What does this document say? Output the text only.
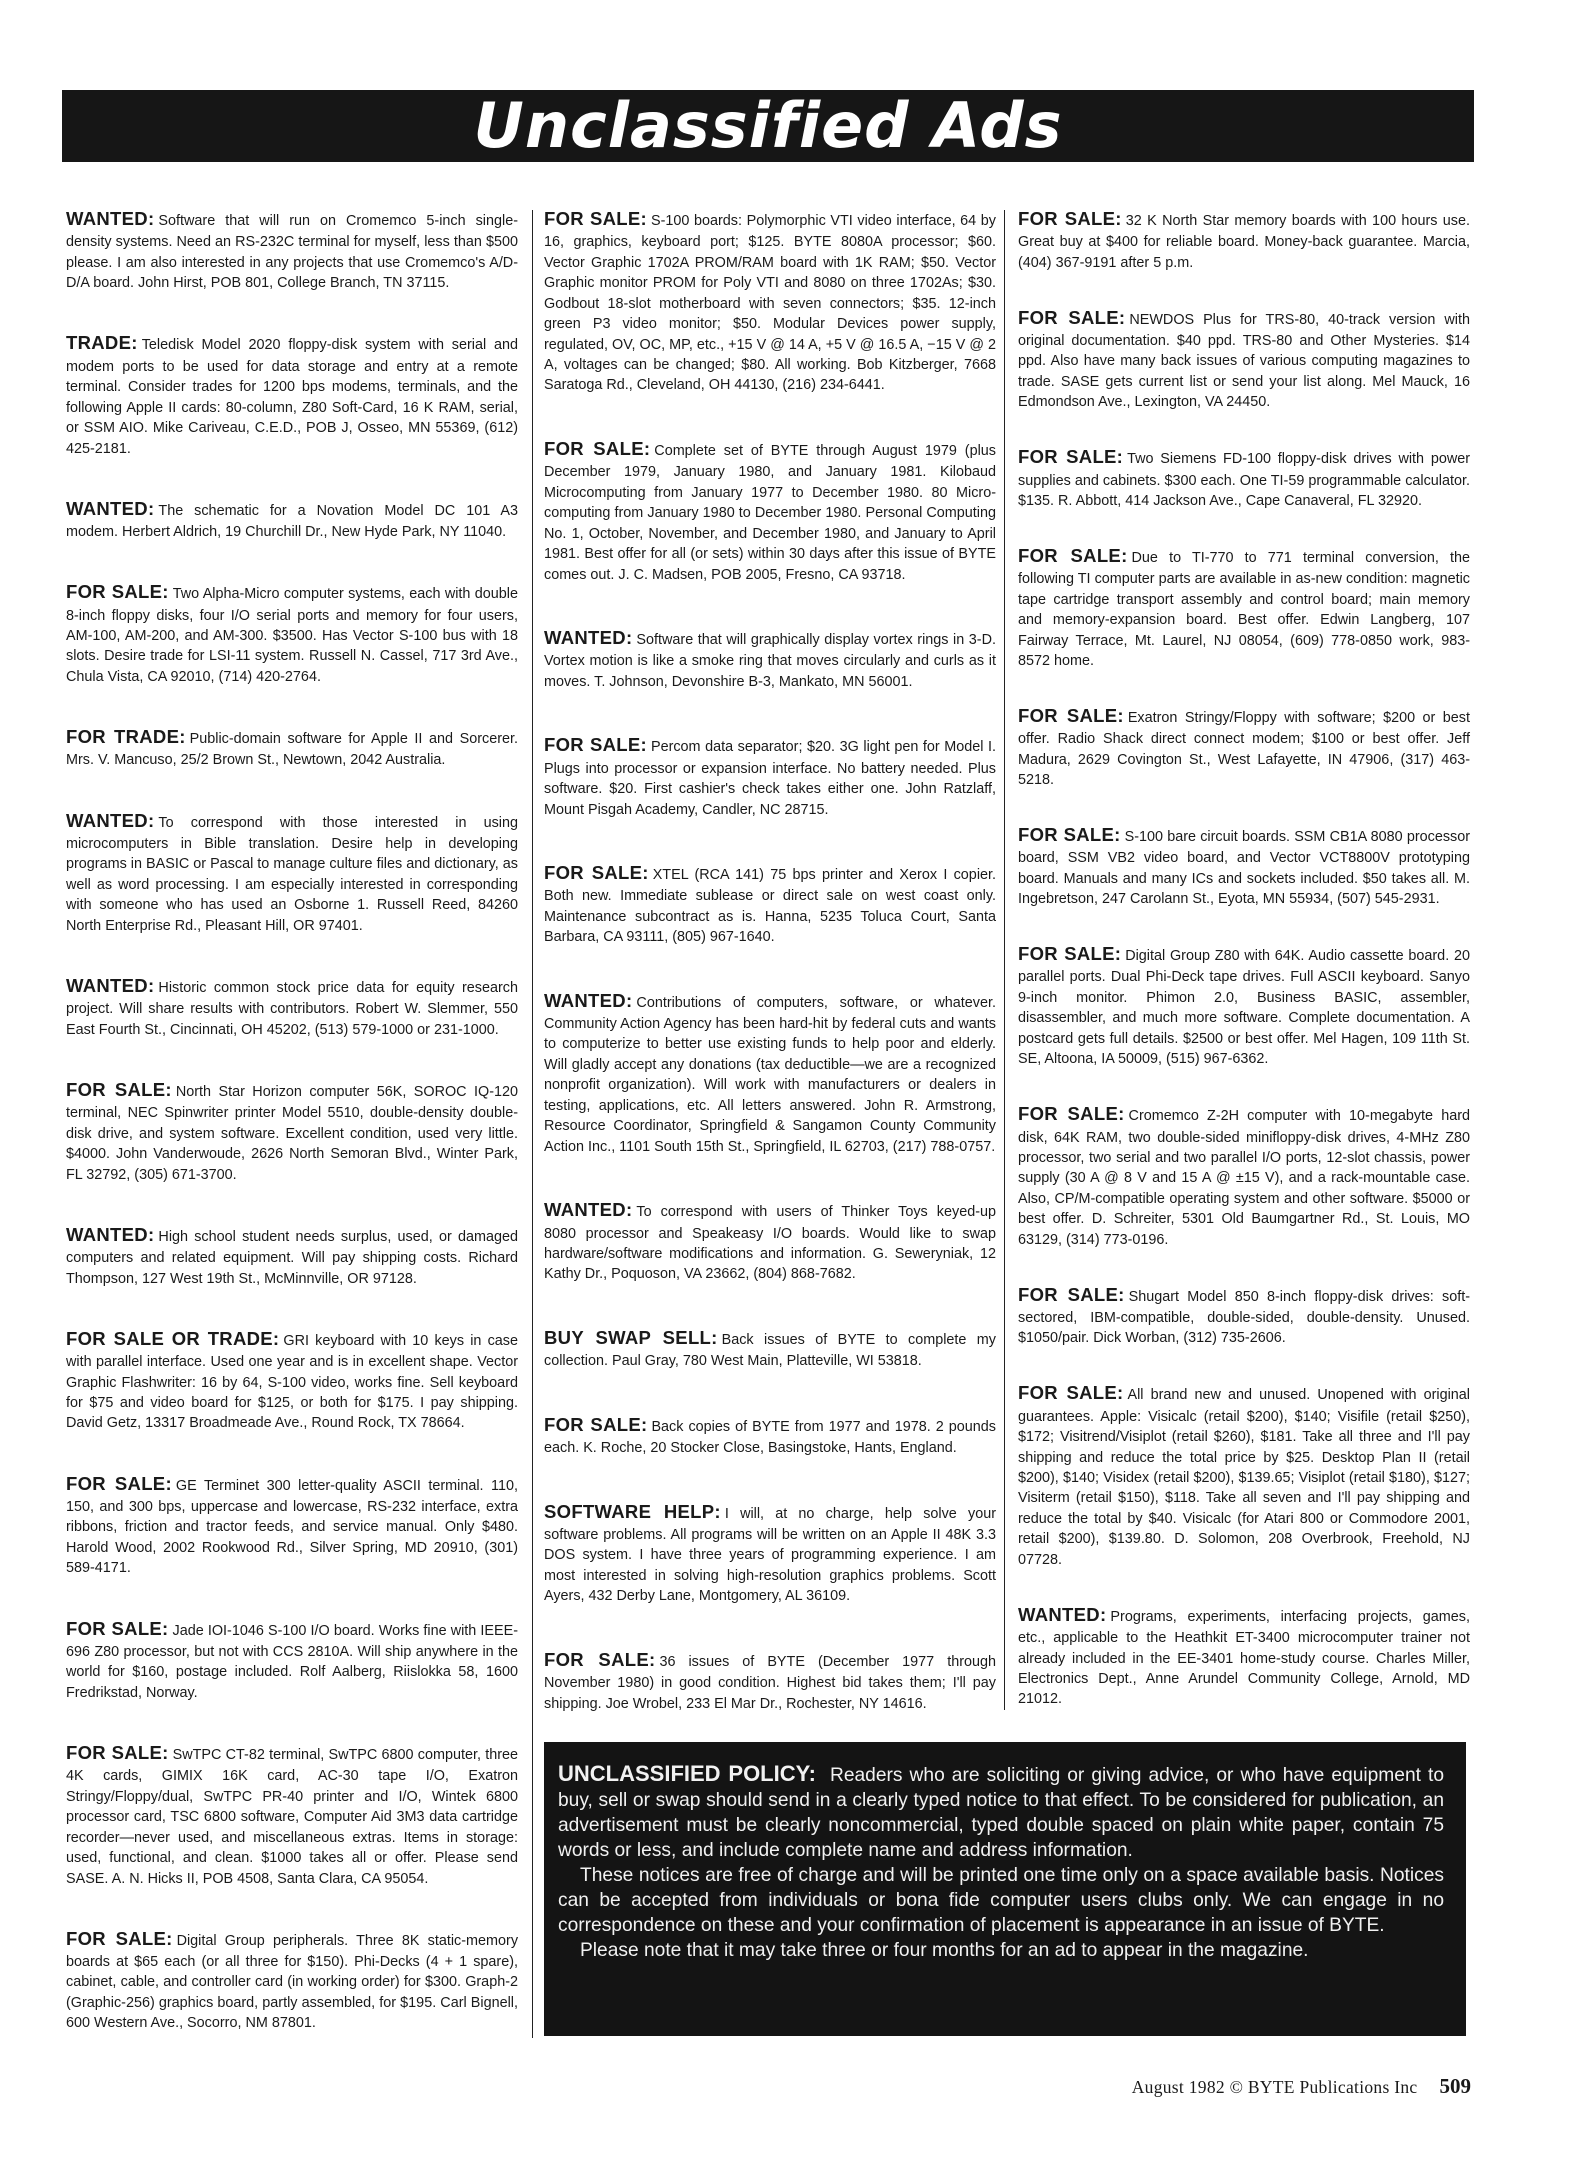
Unclassified Ads

WANTED: Software that will run on Cromemco 5-inch single-density systems. Need an RS-232C terminal for myself, less than $500 please. I am also interested in any projects that use Cromemco's A/D-D/A board. John Hirst, POB 801, College Branch, TN 37115.

TRADE: Teledisk Model 2020 floppy-disk system with serial and modem ports to be used for data storage and entry at a remote terminal. Consider trades for 1200 bps modems, terminals, and the following Apple II cards: 80-column, Z80 Soft-Card, 16 K RAM, serial, or SSM AIO. Mike Cariveau, C.E.D., POB J, Osseo, MN 55369, (612) 425-2181.

WANTED: The schematic for a Novation Model DC 101 A3 modem. Herbert Aldrich, 19 Churchill Dr., New Hyde Park, NY 11040.

FOR SALE: Two Alpha-Micro computer systems, each with double 8-inch floppy disks, four I/O serial ports and memory for four users, AM-100, AM-200, and AM-300. $3500. Has Vector S-100 bus with 18 slots. Desire trade for LSI-11 system. Russell N. Cassel, 717 3rd Ave., Chula Vista, CA 92010, (714) 420-2764.

FOR TRADE: Public-domain software for Apple II and Sorcerer. Mrs. V. Mancuso, 25/2 Brown St., Newtown, 2042 Australia.

WANTED: To correspond with those interested in using microcomputers in Bible translation. Desire help in developing programs in BASIC or Pascal to manage culture files and dictionary, as well as word processing. I am especially interested in corresponding with someone who has used an Osborne 1. Russell Reed, 84260 North Enterprise Rd., Pleasant Hill, OR 97401.

WANTED: Historic common stock price data for equity research project. Will share results with contributors. Robert W. Slemmer, 550 East Fourth St., Cincinnati, OH 45202, (513) 579-1000 or 231-1000.

FOR SALE: North Star Horizon computer 56K, SOROC IQ-120 terminal, NEC Spinwriter printer Model 5510, double-density double-disk drive, and system software. Excellent condition, used very little. $4000. John Vanderwoude, 2626 North Semoran Blvd., Winter Park, FL 32792, (305) 671-3700.

WANTED: High school student needs surplus, used, or damaged computers and related equipment. Will pay shipping costs. Richard Thompson, 127 West 19th St., McMinnville, OR 97128.

FOR SALE OR TRADE: GRI keyboard with 10 keys in case with parallel interface. Used one year and is in excellent shape. Vector Graphic Flashwriter: 16 by 64, S-100 video, works fine. Sell keyboard for $75 and video board for $125, or both for $175. I pay shipping. David Getz, 13317 Broadmeade Ave., Round Rock, TX 78664.

FOR SALE: GE Terminet 300 letter-quality ASCII terminal. 110, 150, and 300 bps, uppercase and lowercase, RS-232 interface, extra ribbons, friction and tractor feeds, and service manual. Only $480. Harold Wood, 2002 Rookwood Rd., Silver Spring, MD 20910, (301) 589-4171.

FOR SALE: Jade IOI-1046 S-100 I/O board. Works fine with IEEE-696 Z80 processor, but not with CCS 2810A. Will ship anywhere in the world for $160, postage included. Rolf Aalberg, Riislokka 58, 1600 Fredrikstad, Norway.

FOR SALE: SwTPC CT-82 terminal, SwTPC 6800 computer, three 4K cards, GIMIX 16K card, AC-30 tape I/O, Exatron Stringy/Floppy/dual, SwTPC PR-40 printer and I/O, Wintek 6800 processor card, TSC 6800 software, Computer Aid 3M3 data cartridge recorder—never used, and miscellaneous extras. Items in storage: used, functional, and clean. $1000 takes all or offer. Please send SASE. A. N. Hicks II, POB 4508, Santa Clara, CA 95054.

FOR SALE: Digital Group peripherals. Three 8K static-memory boards at $65 each (or all three for $150). Phi-Decks (4 + 1 spare), cabinet, cable, and controller card (in working order) for $300. Graph-2 (Graphic-256) graphics board, partly assembled, for $195. Carl Bignell, 600 Western Ave., Socorro, NM 87801.

FOR SALE: S-100 boards: Polymorphic VTI video interface, 64 by 16, graphics, keyboard port; $125. BYTE 8080A processor; $60. Vector Graphic 1702A PROM/RAM board with 1K RAM; $50. Vector Graphic monitor PROM for Poly VTI and 8080 on three 1702As; $30. Godbout 18-slot motherboard with seven connectors; $35. 12-inch green P3 video monitor; $50. Modular Devices power supply, regulated, OV, OC, MP, etc., +15 V @ 14 A, +5 V @ 16.5 A, −15 V @ 2 A, voltages can be changed; $80. All working. Bob Kitzberger, 7668 Saratoga Rd., Cleveland, OH 44130, (216) 234-6441.

FOR SALE: Complete set of BYTE through August 1979 (plus December 1979, January 1980, and January 1981. Kilobaud Microcomputing from January 1977 to December 1980. 80 Micro-computing from January 1980 to December 1980. Personal Computing No. 1, October, November, and December 1980, and January to April 1981. Best offer for all (or sets) within 30 days after this issue of BYTE comes out. J. C. Madsen, POB 2005, Fresno, CA 93718.

WANTED: Software that will graphically display vortex rings in 3-D. Vortex motion is like a smoke ring that moves circularly and curls as it moves. T. Johnson, Devonshire B-3, Mankato, MN 56001.

FOR SALE: Percom data separator; $20. 3G light pen for Model I. Plugs into processor or expansion interface. No battery needed. Plus software. $20. First cashier's check takes either one. John Ratzlaff, Mount Pisgah Academy, Candler, NC 28715.

FOR SALE: XTEL (RCA 141) 75 bps printer and Xerox I copier. Both new. Immediate sublease or direct sale on west coast only. Maintenance subcontract as is. Hanna, 5235 Toluca Court, Santa Barbara, CA 93111, (805) 967-1640.

WANTED: Contributions of computers, software, or whatever. Community Action Agency has been hard-hit by federal cuts and wants to computerize to better use existing funds to help poor and elderly. Will gladly accept any donations (tax deductible—we are a recognized nonprofit organization). Will work with manufacturers or dealers in testing, applications, etc. All letters answered. John R. Armstrong, Resource Coordinator, Springfield & Sangamon County Community Action Inc., 1101 South 15th St., Springfield, IL 62703, (217) 788-0757.

WANTED: To correspond with users of Thinker Toys keyed-up 8080 processor and Speakeasy I/O boards. Would like to swap hardware/software modifications and information. G. Seweryniak, 12 Kathy Dr., Poquoson, VA 23662, (804) 868-7682.

BUY SWAP SELL: Back issues of BYTE to complete my collection. Paul Gray, 780 West Main, Platteville, WI 53818.

FOR SALE: Back copies of BYTE from 1977 and 1978. 2 pounds each. K. Roche, 20 Stocker Close, Basingstoke, Hants, England.

SOFTWARE HELP: I will, at no charge, help solve your software problems. All programs will be written on an Apple II 48K 3.3 DOS system. I have three years of programming experience. I am most interested in solving high-resolution graphics problems. Scott Ayers, 432 Derby Lane, Montgomery, AL 36109.

FOR SALE: 36 issues of BYTE (December 1977 through November 1980) in good condition. Highest bid takes them; I'll pay shipping. Joe Wrobel, 233 El Mar Dr., Rochester, NY 14616.

FOR SALE: 32 K North Star memory boards with 100 hours use. Great buy at $400 for reliable board. Money-back guarantee. Marcia, (404) 367-9191 after 5 p.m.

FOR SALE: NEWDOS Plus for TRS-80, 40-track version with original documentation. $40 ppd. TRS-80 and Other Mysteries. $14 ppd. Also have many back issues of various computing magazines to trade. SASE gets current list or send your list along. Mel Mauck, 16 Edmondson Ave., Lexington, VA 24450.

FOR SALE: Two Siemens FD-100 floppy-disk drives with power supplies and cabinets. $300 each. One TI-59 programmable calculator. $135. R. Abbott, 414 Jackson Ave., Cape Canaveral, FL 32920.

FOR SALE: Due to TI-770 to 771 terminal conversion, the following TI computer parts are available in as-new condition: magnetic tape cartridge transport assembly and control board; main memory and memory-expansion board. Best offer. Edwin Langberg, 107 Fairway Terrace, Mt. Laurel, NJ 08054, (609) 778-0850 work, 983-8572 home.

FOR SALE: Exatron Stringy/Floppy with software; $200 or best offer. Radio Shack direct connect modem; $100 or best offer. Jeff Madura, 2629 Covington St., West Lafayette, IN 47906, (317) 463-5218.

FOR SALE: S-100 bare circuit boards. SSM CB1A 8080 processor board, SSM VB2 video board, and Vector VCT8800V prototyping board. Manuals and many ICs and sockets included. $50 takes all. M. Ingebretson, 247 Carolann St., Eyota, MN 55934, (507) 545-2931.

FOR SALE: Digital Group Z80 with 64K. Audio cassette board. 20 parallel ports. Dual Phi-Deck tape drives. Full ASCII keyboard. Sanyo 9-inch monitor. Phimon 2.0, Business BASIC, assembler, disassembler, and much more software. Complete documentation. A postcard gets full details. $2500 or best offer. Mel Hagen, 109 11th St. SE, Altoona, IA 50009, (515) 967-6362.

FOR SALE: Cromemco Z-2H computer with 10-megabyte hard disk, 64K RAM, two double-sided minifloppy-disk drives, 4-MHz Z80 processor, two serial and two parallel I/O ports, 12-slot chassis, power supply (30 A @ 8 V and 15 A @ ±15 V), and a rack-mountable case. Also, CP/M-compatible operating system and other software. $5000 or best offer. D. Schreiter, 5301 Old Baumgartner Rd., St. Louis, MO 63129, (314) 773-0196.

FOR SALE: Shugart Model 850 8-inch floppy-disk drives: soft-sectored, IBM-compatible, double-sided, double-density. Unused. $1050/pair. Dick Worban, (312) 735-2606.

FOR SALE: All brand new and unused. Unopened with original guarantees. Apple: Visicalc (retail $200), $140; Visifile (retail $250), $172; Visitrend/Visiplot (retail $260), $181. Take all three and I'll pay shipping and reduce the total price by $25. Desktop Plan II (retail $200), $140; Visidex (retail $200), $139.65; Visiplot (retail $180), $127; Visiterm (retail $150), $118. Take all seven and I'll pay shipping and reduce the total by $40. Visicalc (for Atari 800 or Commodore 2001, retail $200), $139.80. D. Solomon, 208 Overbrook, Freehold, NJ 07728.

WANTED: Programs, experiments, interfacing projects, games, etc., applicable to the Heathkit ET-3400 microcomputer trainer not already included in the EE-3401 home-study course. Charles Miller, Electronics Dept., Anne Arundel Community College, Arnold, MD 21012.

UNCLASSIFIED POLICY: Readers who are soliciting or giving advice, or who have equipment to buy, sell or swap should send in a clearly typed notice to that effect. To be considered for publication, an advertisement must be clearly noncommercial, typed double spaced on plain white paper, contain 75 words or less, and include complete name and address information.

These notices are free of charge and will be printed one time only on a space available basis. Notices can be accepted from individuals or bona fide computer users clubs only. We can engage in no correspondence on these and your confirmation of placement is appearance in an issue of BYTE.

Please note that it may take three or four months for an ad to appear in the magazine.

August 1982 © BYTE Publications Inc 509
